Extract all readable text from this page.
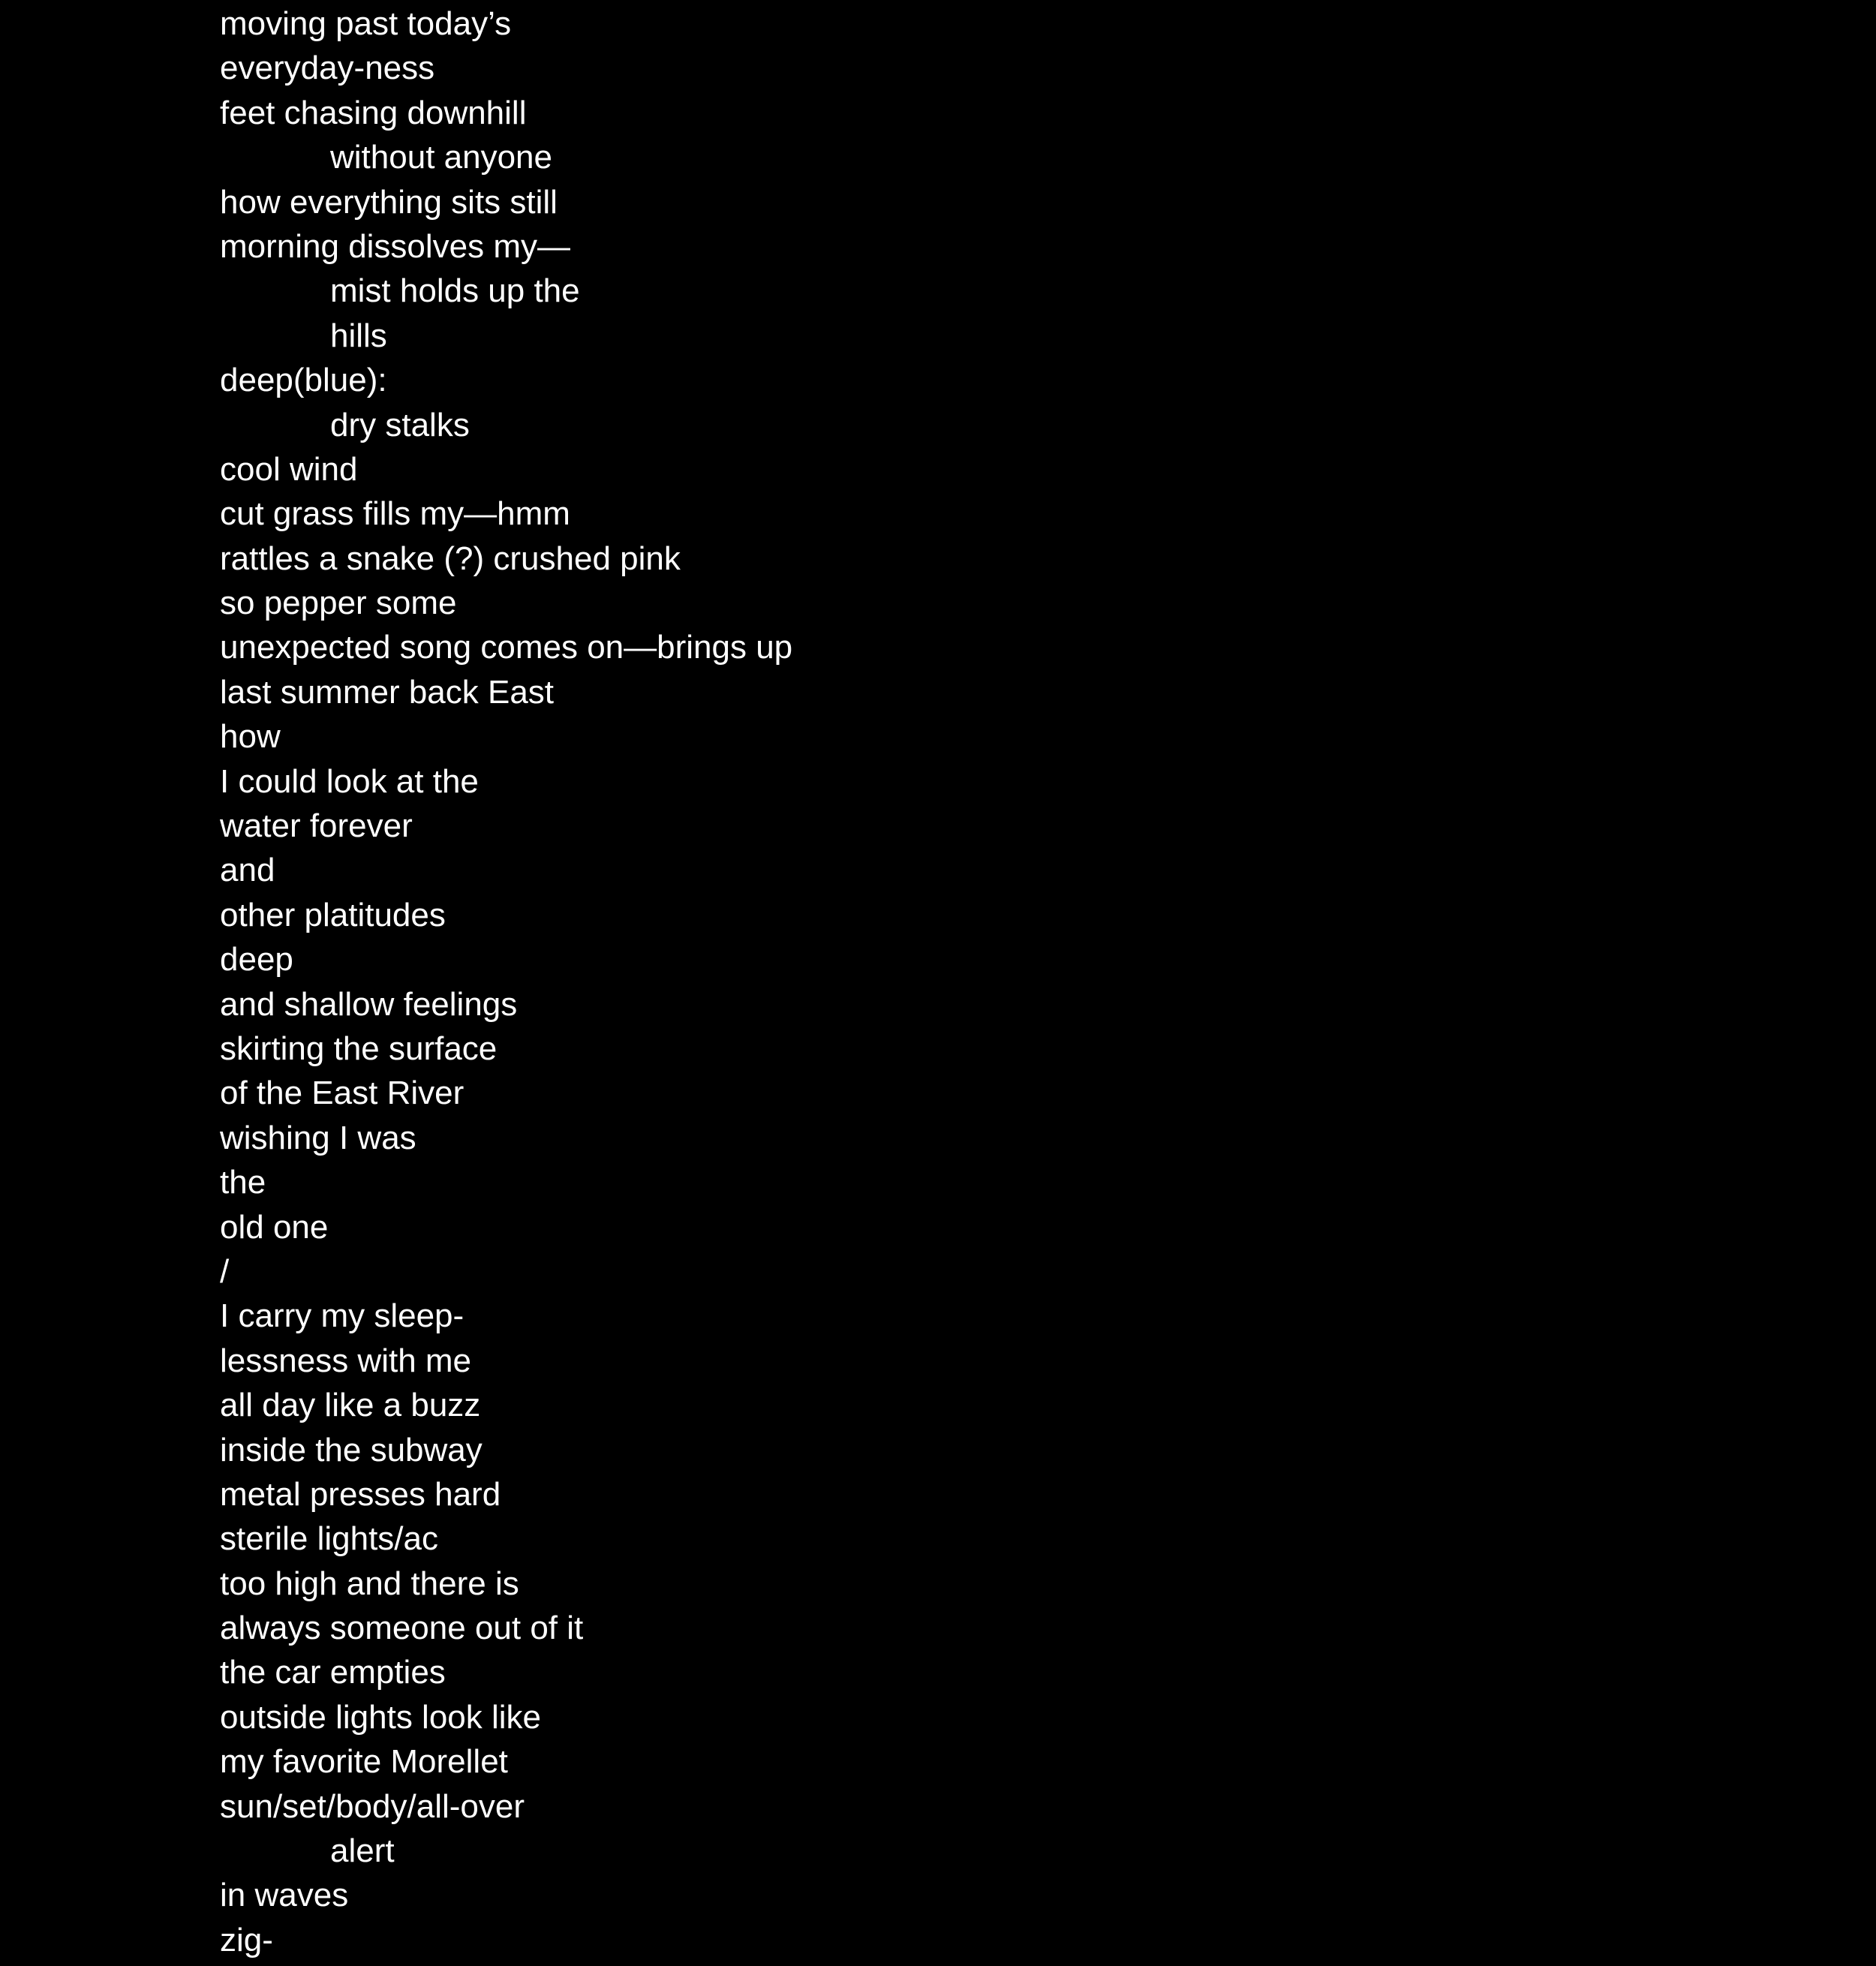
moving past today’s
everyday-ness
feet chasing downhill
without anyone
how everything sits still
morning dissolves my—
mist holds up the
hills
deep(blue):
dry stalks
cool wind
cut grass fills my—hmm
rattles a snake (?) crushed pink
so pepper some
unexpected song comes on—brings up
last summer back East
how
I could look at the
water forever
and
other platitudes
deep
and shallow feelings
skirting the surface
of the East River
wishing I was
the
old one
/
I carry my sleep-
lessness with me
all day like a buzz
inside the subway
metal presses hard
sterile lights/ac
too high and there is
always someone out of it
the car empties
outside lights look like
my favorite Morellet
sun/set/body/all-over
alert
in waves
zig-
